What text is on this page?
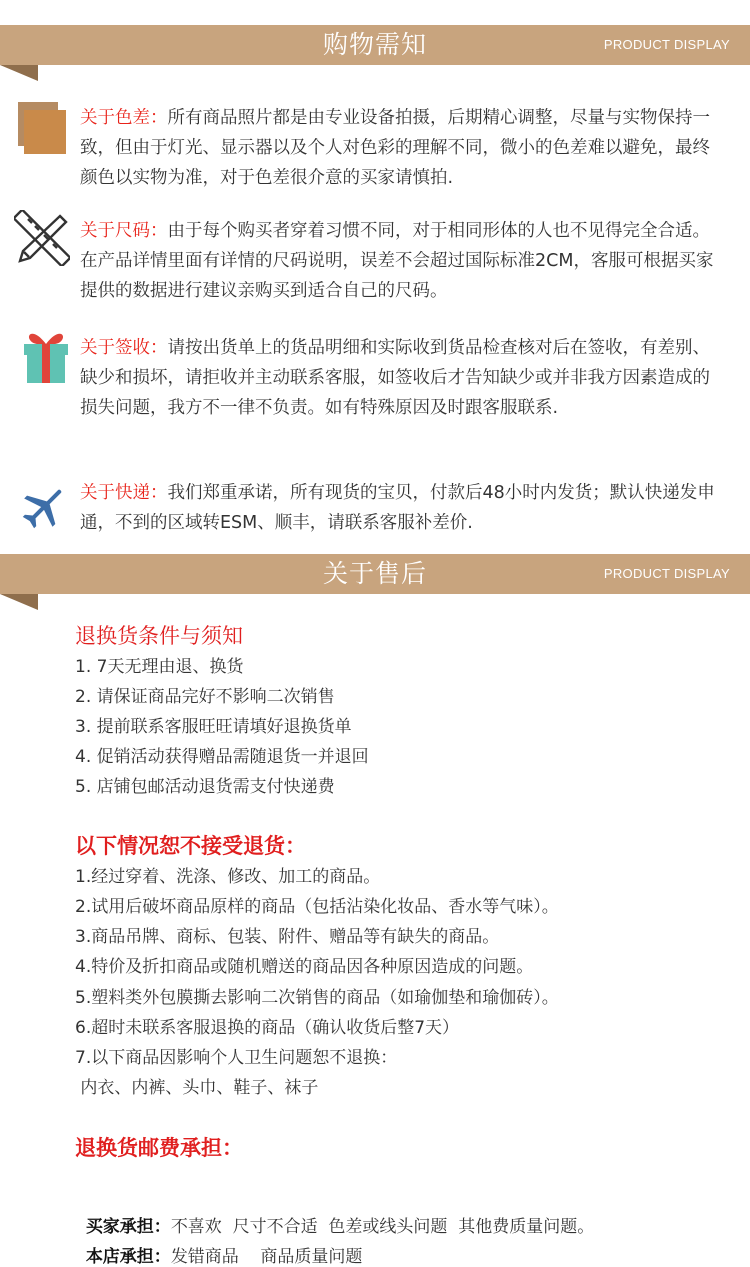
购物需知	PRODUCT DISPLAY
关于色差：所有商品照片都是由专业设备拍摄，后期精心调整，尽量与实物保持一致，但由于灯光、显示器以及个人对色彩的理解不同，微小的色差难以避免，最终颜色以实物为准，对于色差很介意的买家请慎拍.
关于尺码：由于每个购买者穿着习惯不同，对于相同形体的人也不见得完全合适。在产品详情里面有详情的尺码说明，误差不会超过国际标准2CM，客服可根据买家提供的数据进行建议亲购买到适合自己的尺码。
关于签收：请按出货单上的货品明细和实际收到货品检查核对后在签收，有差别、缺少和损坏，请拒收并主动联系客服，如签收后才告知缺少或并非我方因素造成的损失问题，我方不一律不负责。如有特殊原因及时跟客服联系.
关于快递：我们郑重承诺，所有现货的宝贝，付款后48小时内发货；默认快递发申通，不到的区域转ESM、顺丰，请联系客服补差价.
关于售后	PRODUCT DISPLAY
退换货条件与须知
1. 7天无理由退、换货
2. 请保证商品完好不影响二次销售
3. 提前联系客服旺旺请填好退换货单
4. 促销活动获得赠品需随退货一并退回
5. 店铺包邮活动退货需支付快递费
以下情况恕不接受退货：
1.经过穿着、洗涤、修改、加工的商品。
2.试用后破坏商品原样的商品（包括沾染化妆品、香水等气味）。
3.商品吊牌、商标、包装、附件、赠品等有缺失的商品。
4.特价及折扣商品或随机赠送的商品因各种原因造成的问题。
5.塑料类外包膜撕去影响二次销售的商品（如瑜伽垫和瑜伽砖）。
6.超时未联系客服退换的商品（确认收货后整7天）
7.以下商品因影响个人卫生问题恕不退换：
内衣、内裤、头巾、鞋子、袜子
退换货邮费承担：

买家承担：不喜欢  尺寸不合适  色差或线头问题  其他费质量问题。

本店承担：发错商品    商品质量问题
